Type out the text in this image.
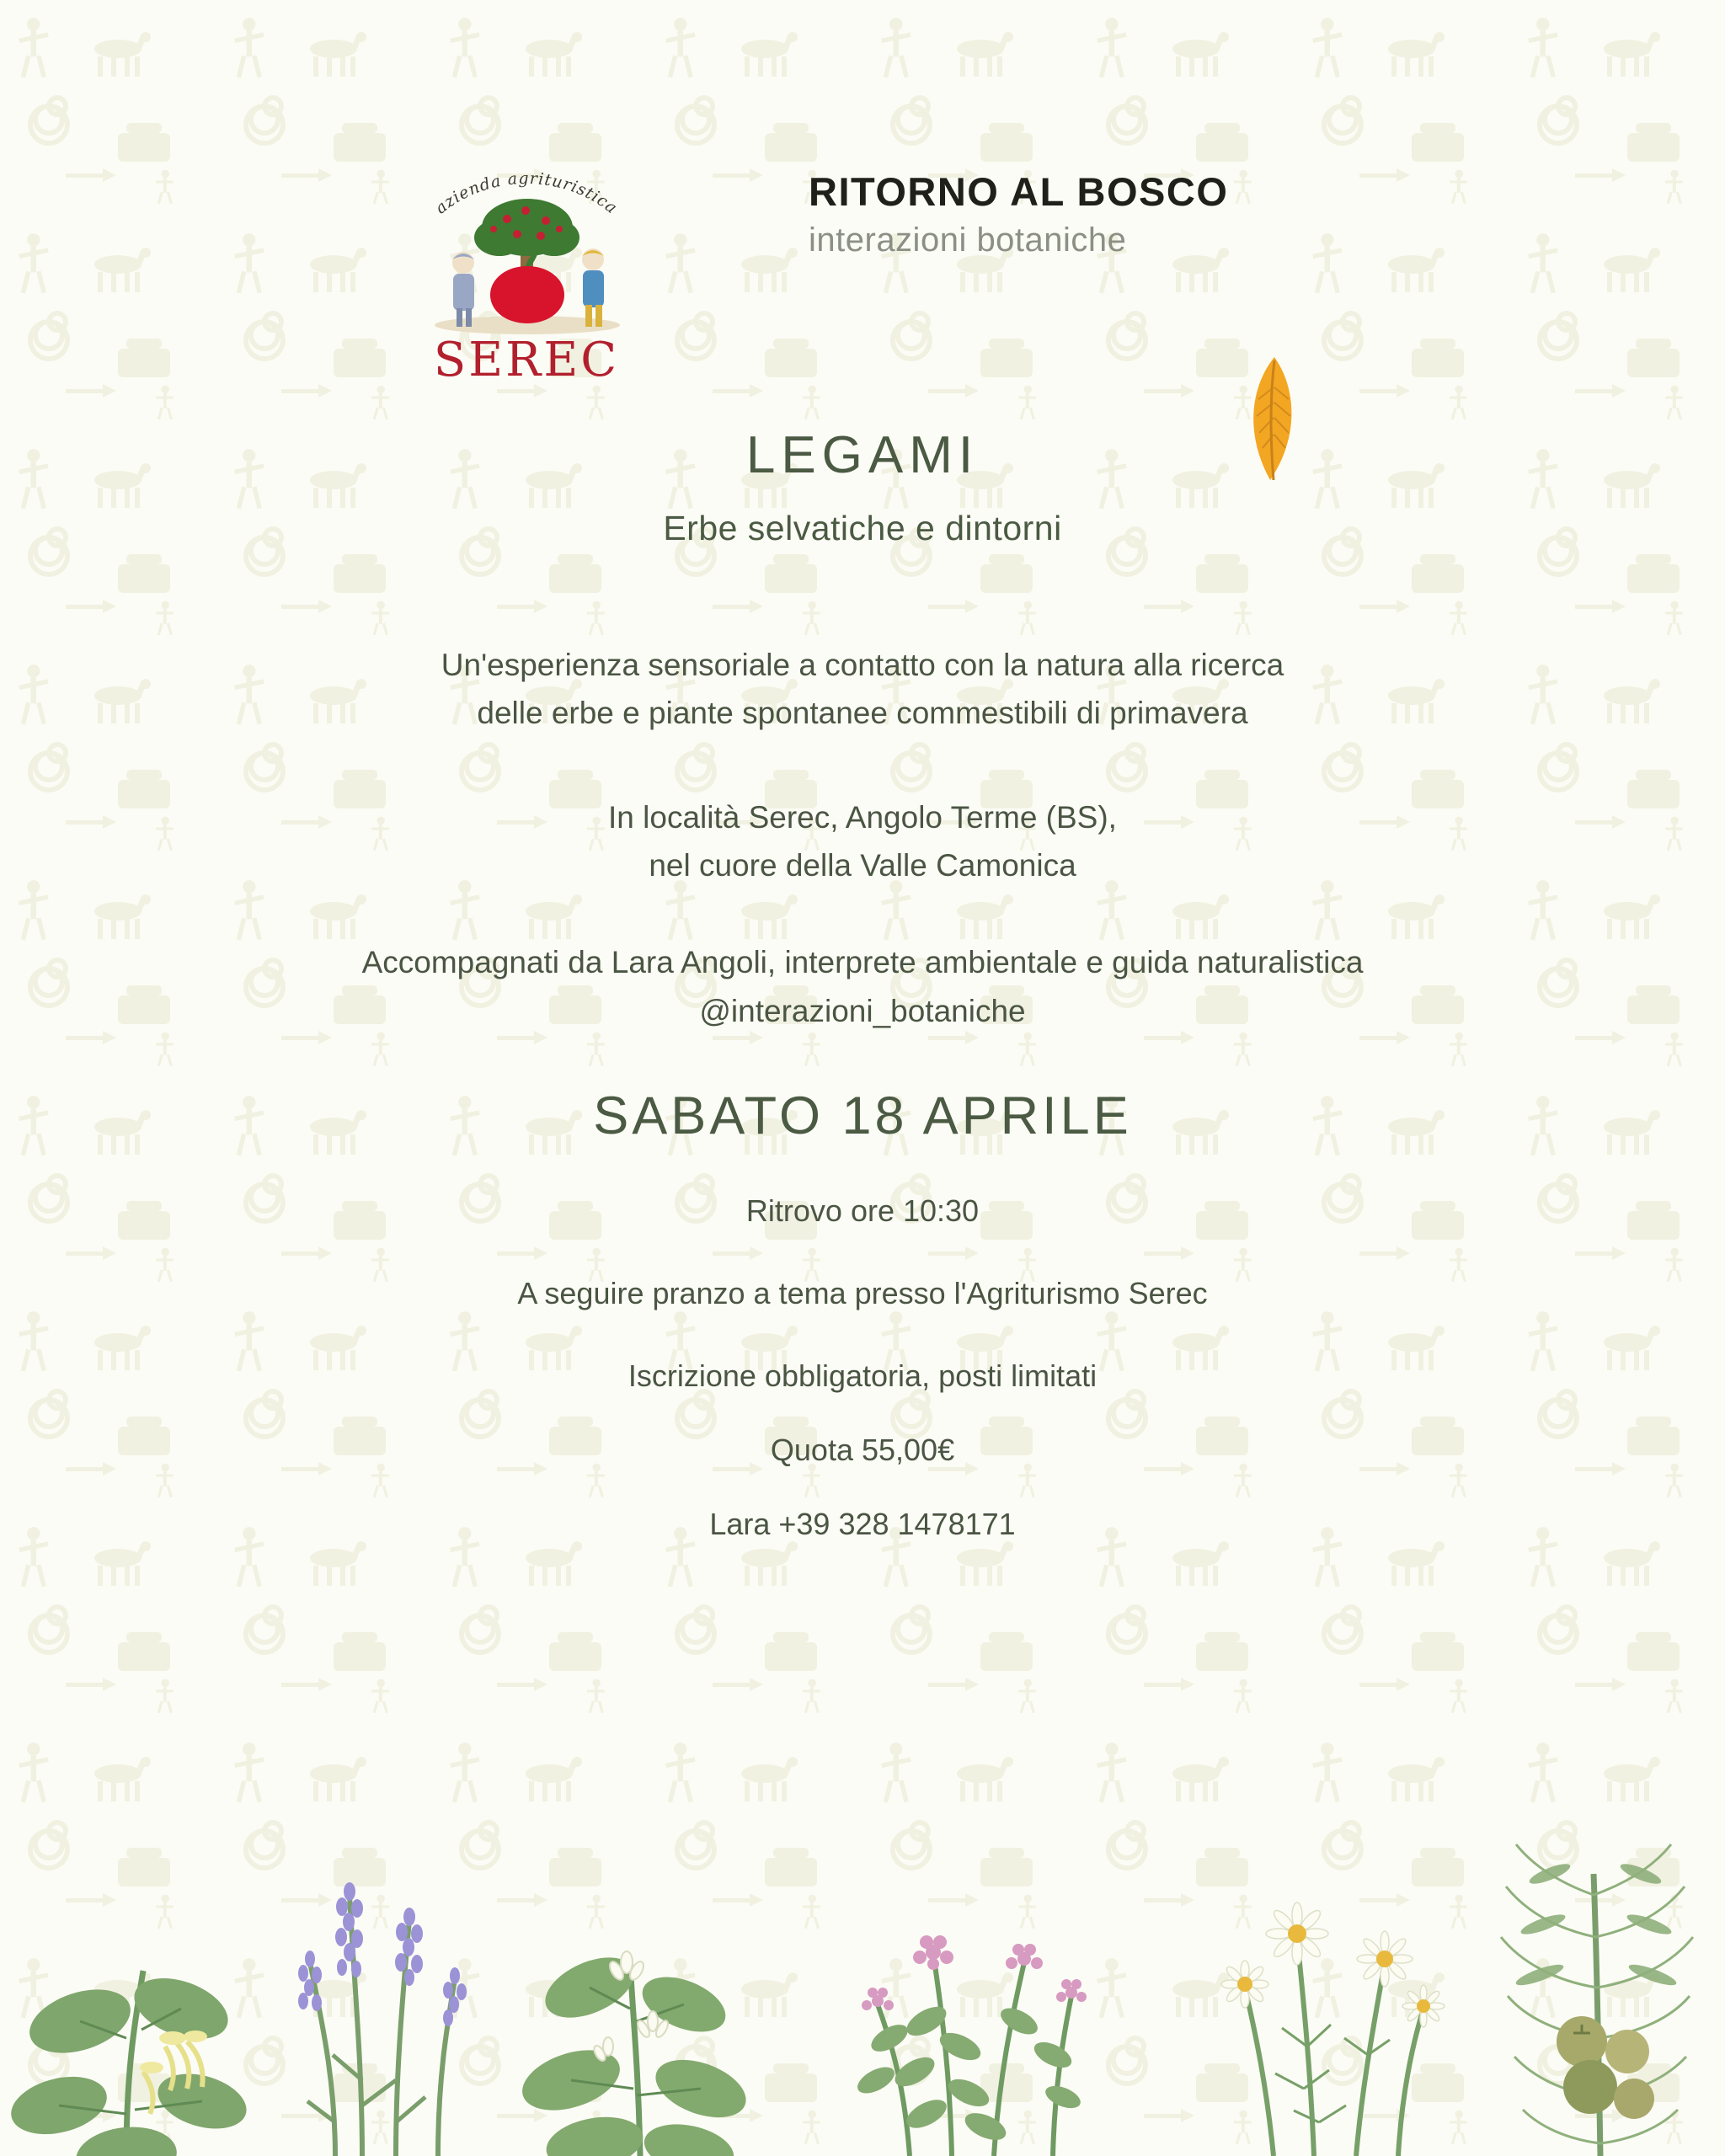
azienda agrituristica
SEREC
RITORNO AL BOSCO
interazioni botaniche
LEGAMI
Erbe selvatiche e dintorni
Un'esperienza sensoriale a contatto con la natura alla ricerca
delle erbe e piante spontanee commestibili di primavera
In località Serec, Angolo Terme (BS),
nel cuore della Valle Camonica
Accompagnati da Lara Angoli, interprete ambientale e guida naturalistica
@interazioni_botaniche
SABATO 18 APRILE
Ritrovo ore 10:30
A seguire pranzo a tema presso l'Agriturismo Serec
Iscrizione obbligatoria, posti limitati
Quota 55,00€
Lara +39 328 1478171
